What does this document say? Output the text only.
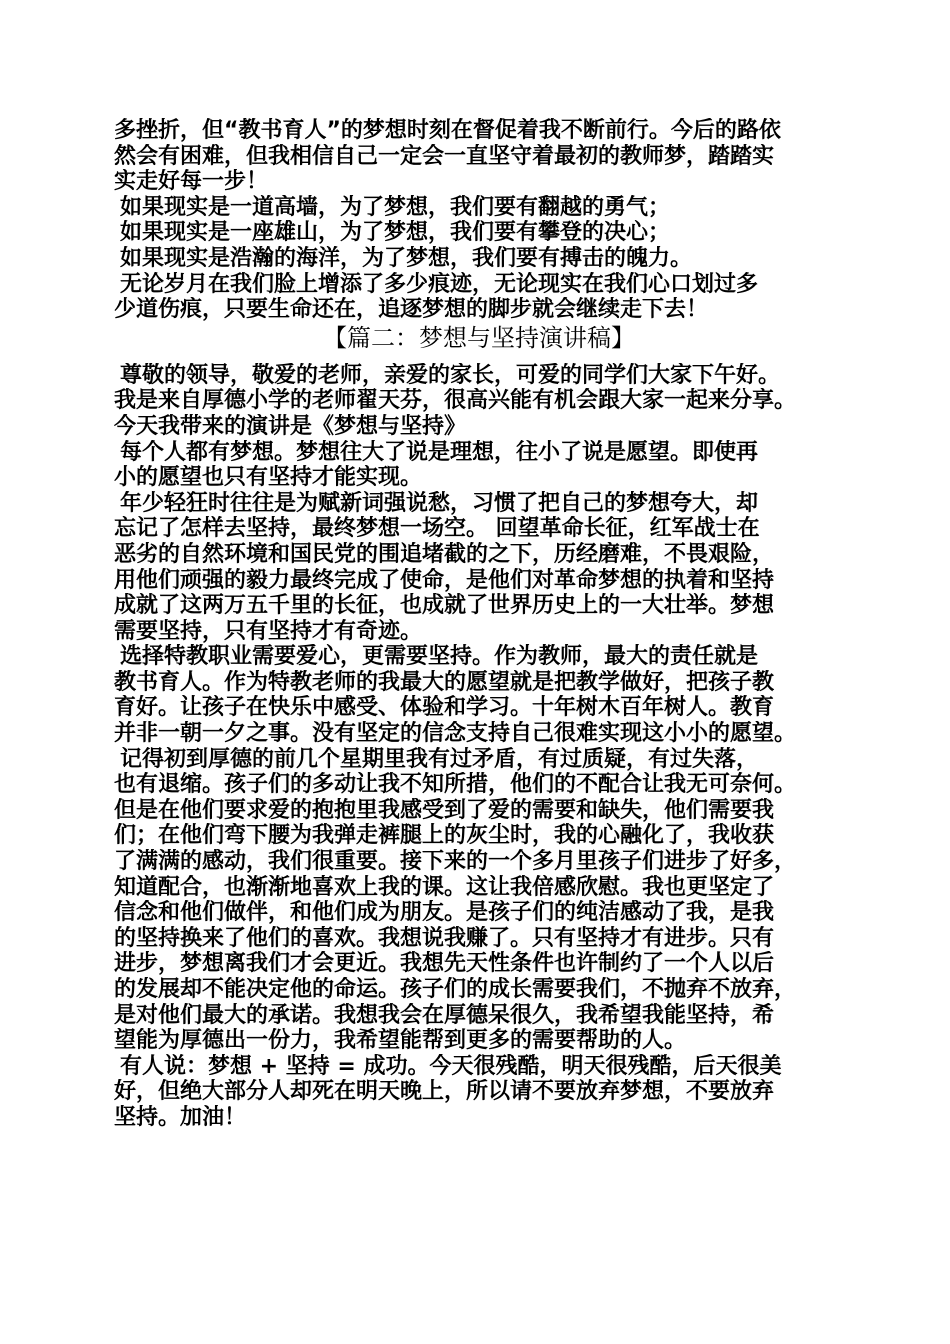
多挫折，但“教书育人”的梦想时刻在督促着我不断前行。今后的路依
然会有困难，但我相信自己一定会一直坚守着最初的教师梦，踏踏实
实走好每一步！
如果现实是一道高墙，为了梦想，我们要有翻越的勇气；
如果现实是一座雄山，为了梦想，我们要有攀登的决心；
如果现实是浩瀚的海洋，为了梦想，我们要有搏击的魄力。
无论岁月在我们脸上增添了多少痕迹，无论现实在我们心口划过多
少道伤痕，只要生命还在，追逐梦想的脚步就会继续走下去！
【篇二：梦想与坚持演讲稿】
尊敬的领导，敬爱的老师，亲爱的家长，可爱的同学们大家下午好。
我是来自厚德小学的老师翟天芬，很高兴能有机会跟大家一起来分享。
今天我带来的演讲是《梦想与坚持》
每个人都有梦想。梦想往大了说是理想，往小了说是愿望。即使再
小的愿望也只有坚持才能实现。
年少轻狂时往往是为赋新词强说愁，习惯了把自己的梦想夸大，却
忘记了怎样去坚持，最终梦想一场空。 回望革命长征，红军战士在
恶劣的自然环境和国民党的围追堵截的之下，历经磨难，不畏艰险，
用他们顽强的毅力最终完成了使命，是他们对革命梦想的执着和坚持
成就了这两万五千里的长征，也成就了世界历史上的一大壮举。梦想
需要坚持，只有坚持才有奇迹。
选择特教职业需要爱心，更需要坚持。作为教师，最大的责任就是
教书育人。作为特教老师的我最大的愿望就是把教学做好，把孩子教
育好。让孩子在快乐中感受、体验和学习。十年树木百年树人。教育
并非一朝一夕之事。没有坚定的信念支持自己很难实现这小小的愿望。
记得初到厚德的前几个星期里我有过矛盾，有过质疑，有过失落，
也有退缩。孩子们的多动让我不知所措，他们的不配合让我无可奈何。
但是在他们要求爱的抱抱里我感受到了爱的需要和缺失，他们需要我
们；在他们弯下腰为我弹走裤腿上的灰尘时，我的心融化了，我收获
了满满的感动，我们很重要。接下来的一个多月里孩子们进步了好多，
知道配合，也渐渐地喜欢上我的课。这让我倍感欣慰。我也更坚定了
信念和他们做伴，和他们成为朋友。是孩子们的纯洁感动了我，是我
的坚持换来了他们的喜欢。我想说我赚了。只有坚持才有进步。只有
进步，梦想离我们才会更近。我想先天性条件也许制约了一个人以后
的发展却不能决定他的命运。孩子们的成长需要我们，不抛弃不放弃，
是对他们最大的承诺。我想我会在厚德呆很久，我希望我能坚持，希
望能为厚德出一份力，我希望能帮到更多的需要帮助的人。
有人说：梦想 + 坚持 = 成功。今天很残酷，明天很残酷，后天很美
好，但绝大部分人却死在明天晚上，所以请不要放弃梦想，不要放弃
坚持。加油！
